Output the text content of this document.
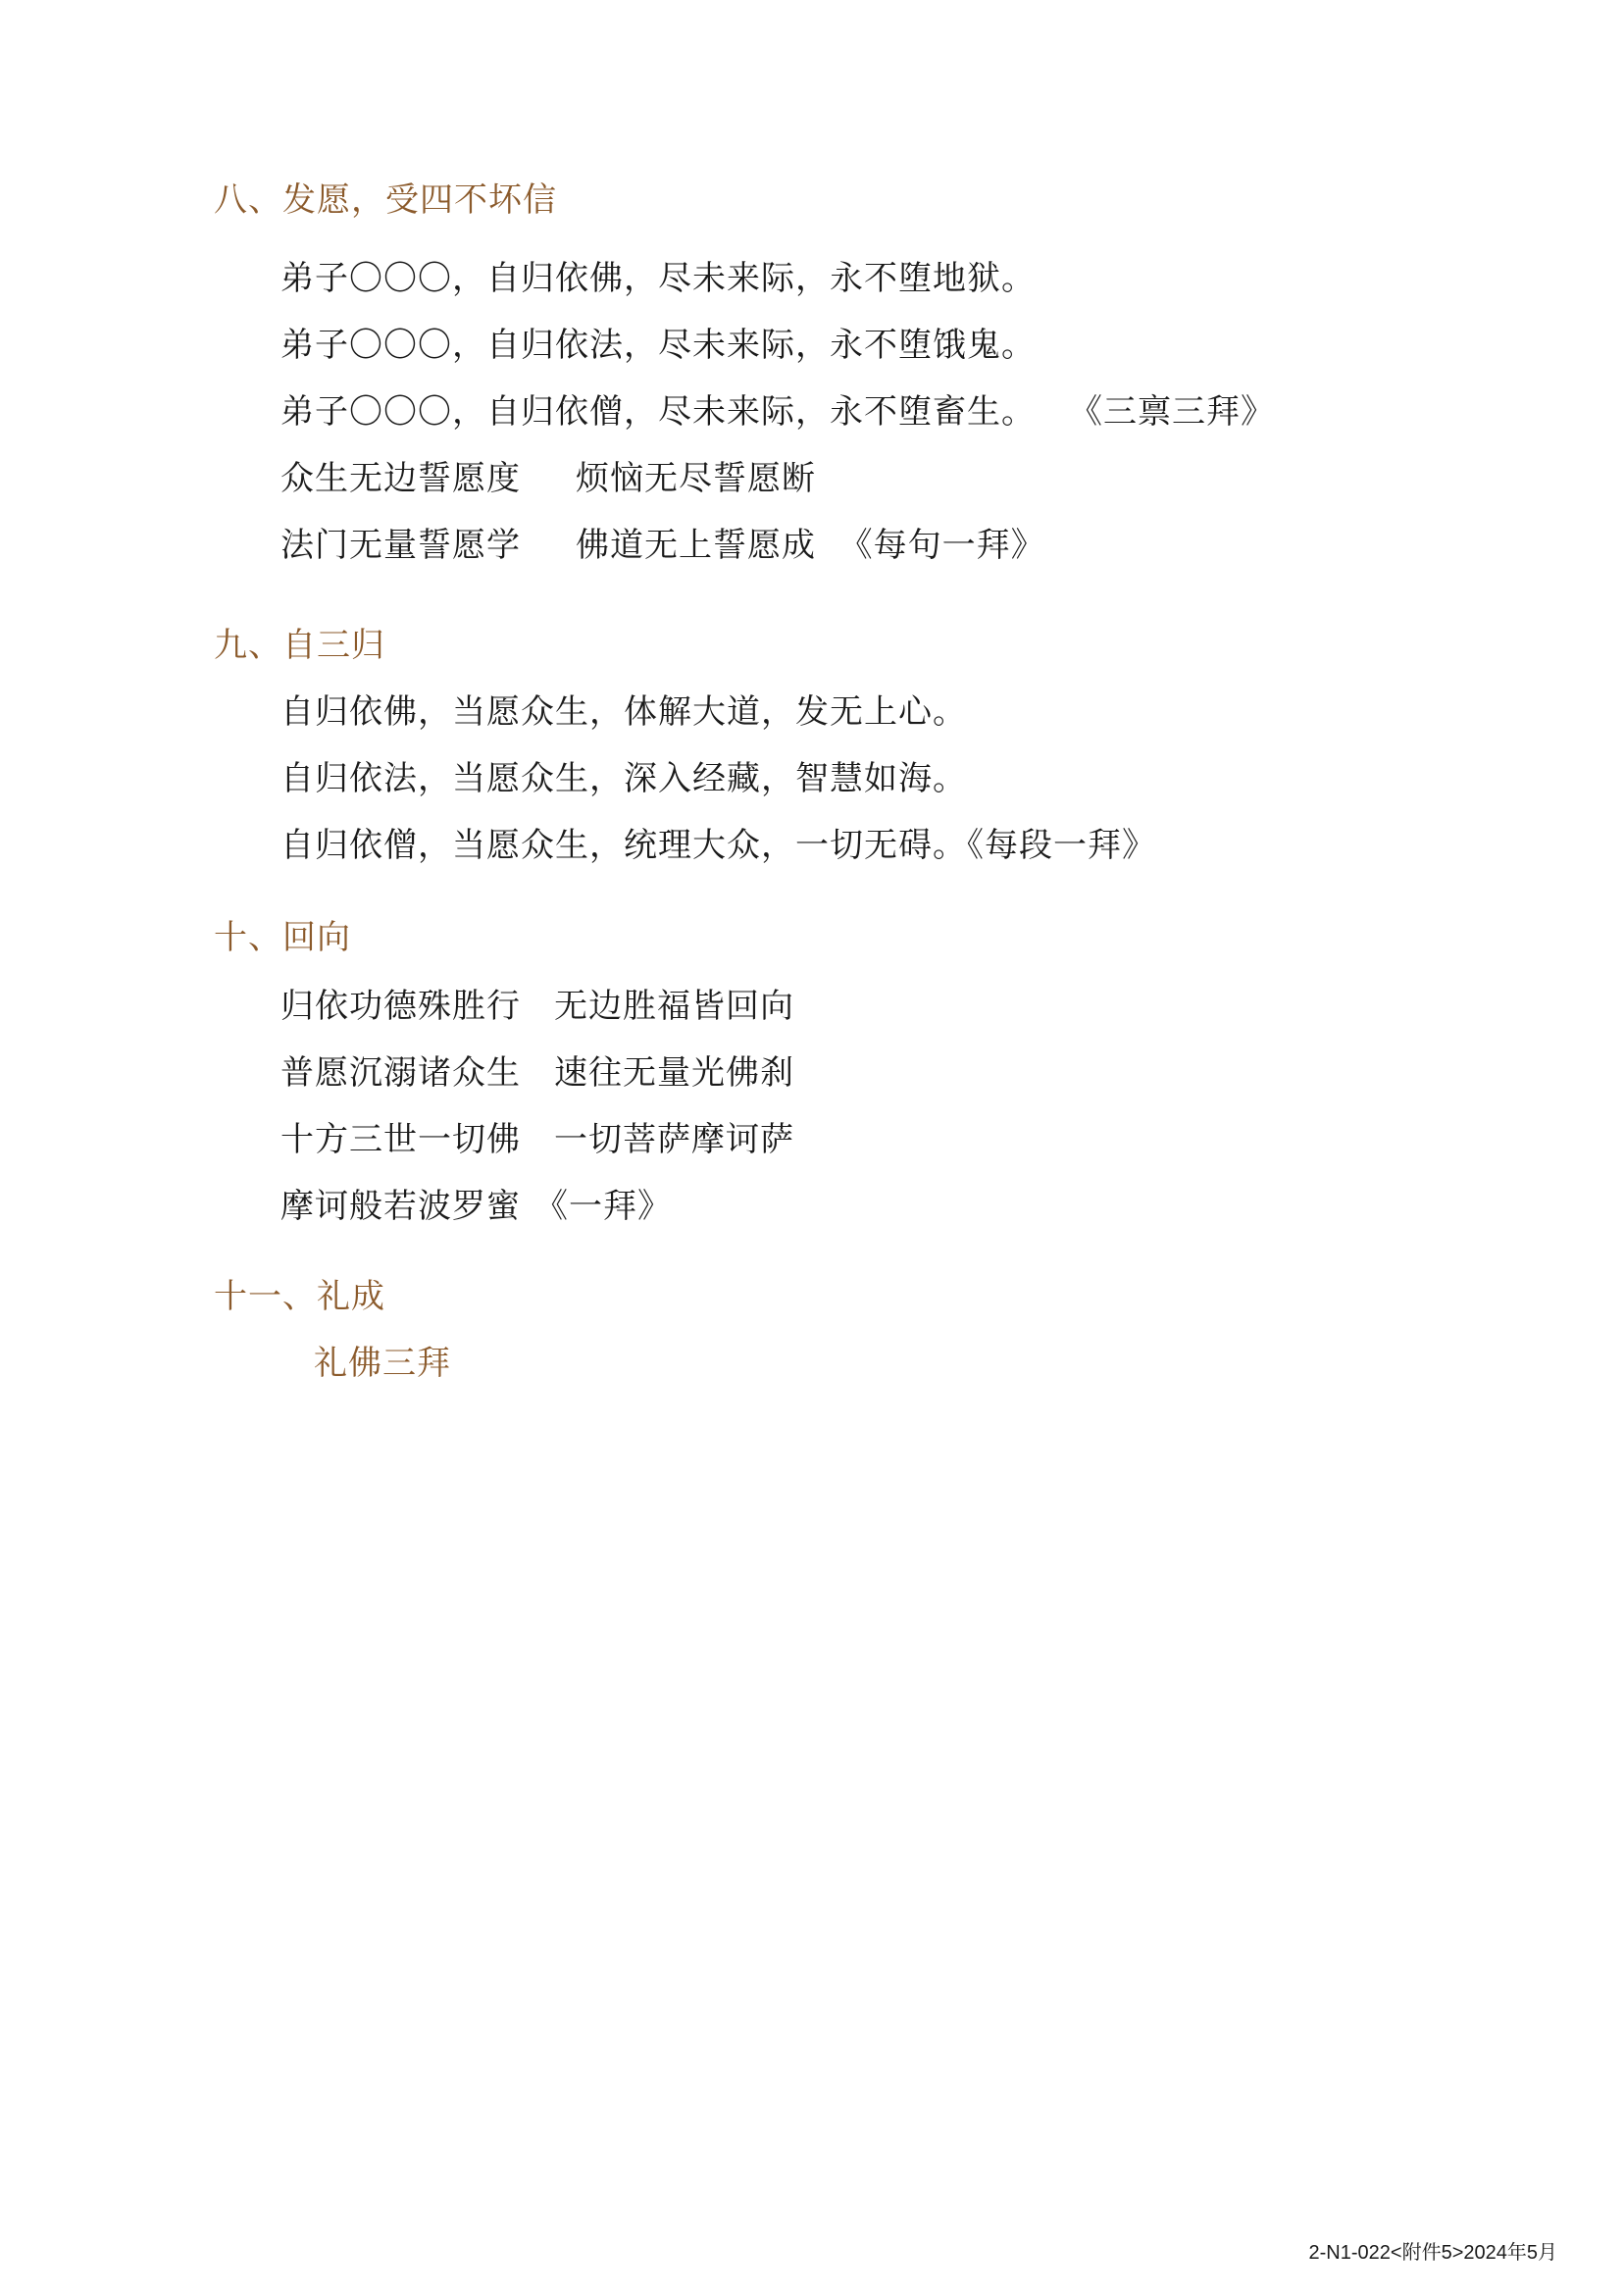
八、发愿，受四不坏信
弟子〇〇〇，自归依佛，尽未来际，永不堕地狱。
弟子〇〇〇，自归依法，尽未来际，永不堕饿鬼。
弟子〇〇〇，自归依僧，尽未来际，永不堕畜生。 《三禀三拜》
众生无边誓愿度 烦恼无尽誓愿断
法门无量誓愿学 佛道无上誓愿成  《每句一拜》
九、自三归
自归依佛，当愿众生，体解大道，发无上心。
自归依法，当愿众生，深入经藏，智慧如海。
自归依僧，当愿众生，统理大众，一切无碍。《每段一拜》
十、回向
归依功德殊胜行 无边胜福皆回向
普愿沉溺诸众生 速往无量光佛刹
十方三世一切佛 一切菩萨摩诃萨
摩诃般若波罗蜜 《一拜》
十一、礼成
礼佛三拜
2-N1-022<附件5>2024年5月
